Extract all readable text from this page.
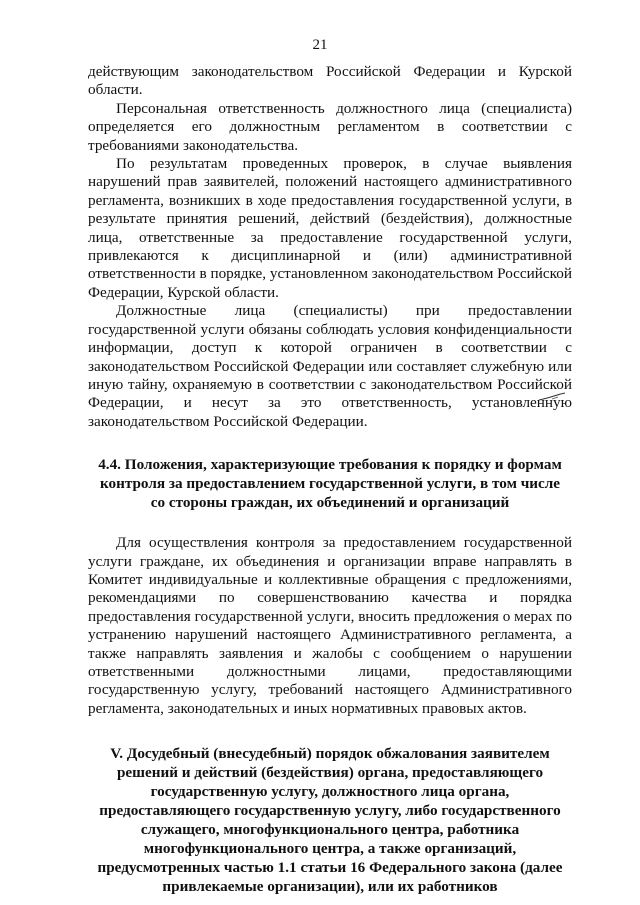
21

действующим законодательством Российской Федерации и Курской области.

Персональная ответственность должностного лица (специалиста) определяется его должностным регламентом в соответствии с требованиями законодательства.

По результатам проведенных проверок, в случае выявления нарушений прав заявителей, положений настоящего административного регламента, возникших в ходе предоставления государственной услуги, в результате принятия решений, действий (бездействия), должностные лица, ответственные за предоставление государственной услуги, привлекаются к дисциплинарной и (или) административной ответственности в порядке, установленном законодательством Российской Федерации, Курской области.

Должностные лица (специалисты) при предоставлении государственной услуги обязаны соблюдать условия конфиденциальности информации, доступ к которой ограничен в соответствии с законодательством Российской Федерации или составляет служебную или иную тайну, охраняемую в соответствии с законодательством Российской Федерации, и несут за это ответственность, установленную законодательством Российской Федерации.

4.4. Положения, характеризующие требования к порядку и формам контроля за предоставлением государственной услуги, в том числе со стороны граждан, их объединений и организаций

Для осуществления контроля за предоставлением государственной услуги граждане, их объединения и организации вправе направлять в Комитет индивидуальные и коллективные обращения с предложениями, рекомендациями по совершенствованию качества и порядка предоставления государственной услуги, вносить предложения о мерах по устранению нарушений настоящего Административного регламента, а также направлять заявления и жалобы с сообщением о нарушении ответственными должностными лицами, предоставляющими государственную услугу, требований настоящего Административного регламента, законодательных и иных нормативных правовых актов.

V. Досудебный (внесудебный) порядок обжалования заявителем решений и действий (бездействия) органа, предоставляющего государственную услугу, должностного лица органа, предоставляющего государственную услугу, либо государственного служащего, многофункционального центра, работника многофункционального центра, а также организаций, предусмотренных частью 1.1 статьи 16 Федерального закона (далее привлекаемые организации), или их работников
